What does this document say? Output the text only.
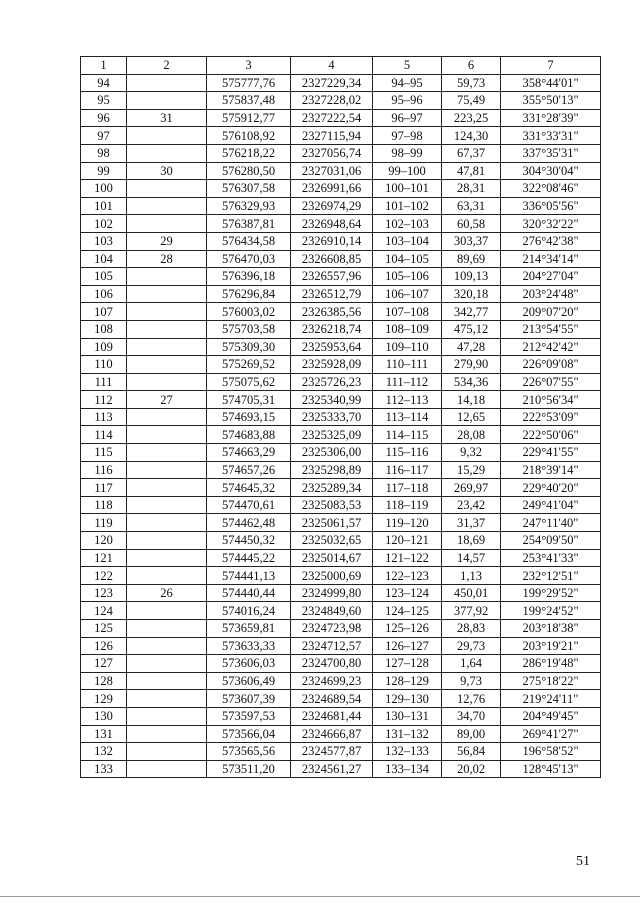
1	2	3	4	5	6	7
94		575777,76	2327229,34	94–95	59,73	358°44'01"
95		575837,48	2327228,02	95–96	75,49	355°50'13"
96	31	575912,77	2327222,54	96–97	223,25	331°28'39"
97		576108,92	2327115,94	97–98	124,30	331°33'31"
98		576218,22	2327056,74	98–99	67,37	337°35'31"
99	30	576280,50	2327031,06	99–100	47,81	304°30'04"
100		576307,58	2326991,66	100–101	28,31	322°08'46"
101		576329,93	2326974,29	101–102	63,31	336°05'56"
102		576387,81	2326948,64	102–103	60,58	320°32'22"
103	29	576434,58	2326910,14	103–104	303,37	276°42'38"
104	28	576470,03	2326608,85	104–105	89,69	214°34'14"
105		576396,18	2326557,96	105–106	109,13	204°27'04"
106		576296,84	2326512,79	106–107	320,18	203°24'48"
107		576003,02	2326385,56	107–108	342,77	209°07'20"
108		575703,58	2326218,74	108–109	475,12	213°54'55"
109		575309,30	2325953,64	109–110	47,28	212°42'42"
110		575269,52	2325928,09	110–111	279,90	226°09'08"
111		575075,62	2325726,23	111–112	534,36	226°07'55"
112	27	574705,31	2325340,99	112–113	14,18	210°56'34"
113		574693,15	2325333,70	113–114	12,65	222°53'09"
114		574683,88	2325325,09	114–115	28,08	222°50'06"
115		574663,29	2325306,00	115–116	9,32	229°41'55"
116		574657,26	2325298,89	116–117	15,29	218°39'14"
117		574645,32	2325289,34	117–118	269,97	229°40'20"
118		574470,61	2325083,53	118–119	23,42	249°41'04"
119		574462,48	2325061,57	119–120	31,37	247°11'40"
120		574450,32	2325032,65	120–121	18,69	254°09'50"
121		574445,22	2325014,67	121–122	14,57	253°41'33"
122		574441,13	2325000,69	122–123	1,13	232°12'51"
123	26	574440,44	2324999,80	123–124	450,01	199°29'52"
124		574016,24	2324849,60	124–125	377,92	199°24'52"
125		573659,81	2324723,98	125–126	28,83	203°18'38"
126		573633,33	2324712,57	126–127	29,73	203°19'21"
127		573606,03	2324700,80	127–128	1,64	286°19'48"
128		573606,49	2324699,23	128–129	9,73	275°18'22"
129		573607,39	2324689,54	129–130	12,76	219°24'11"
130		573597,53	2324681,44	130–131	34,70	204°49'45"
131		573566,04	2324666,87	131–132	89,00	269°41'27"
132		573565,56	2324577,87	132–133	56,84	196°58'52"
133		573511,20	2324561,27	133–134	20,02	128°45'13"
51
